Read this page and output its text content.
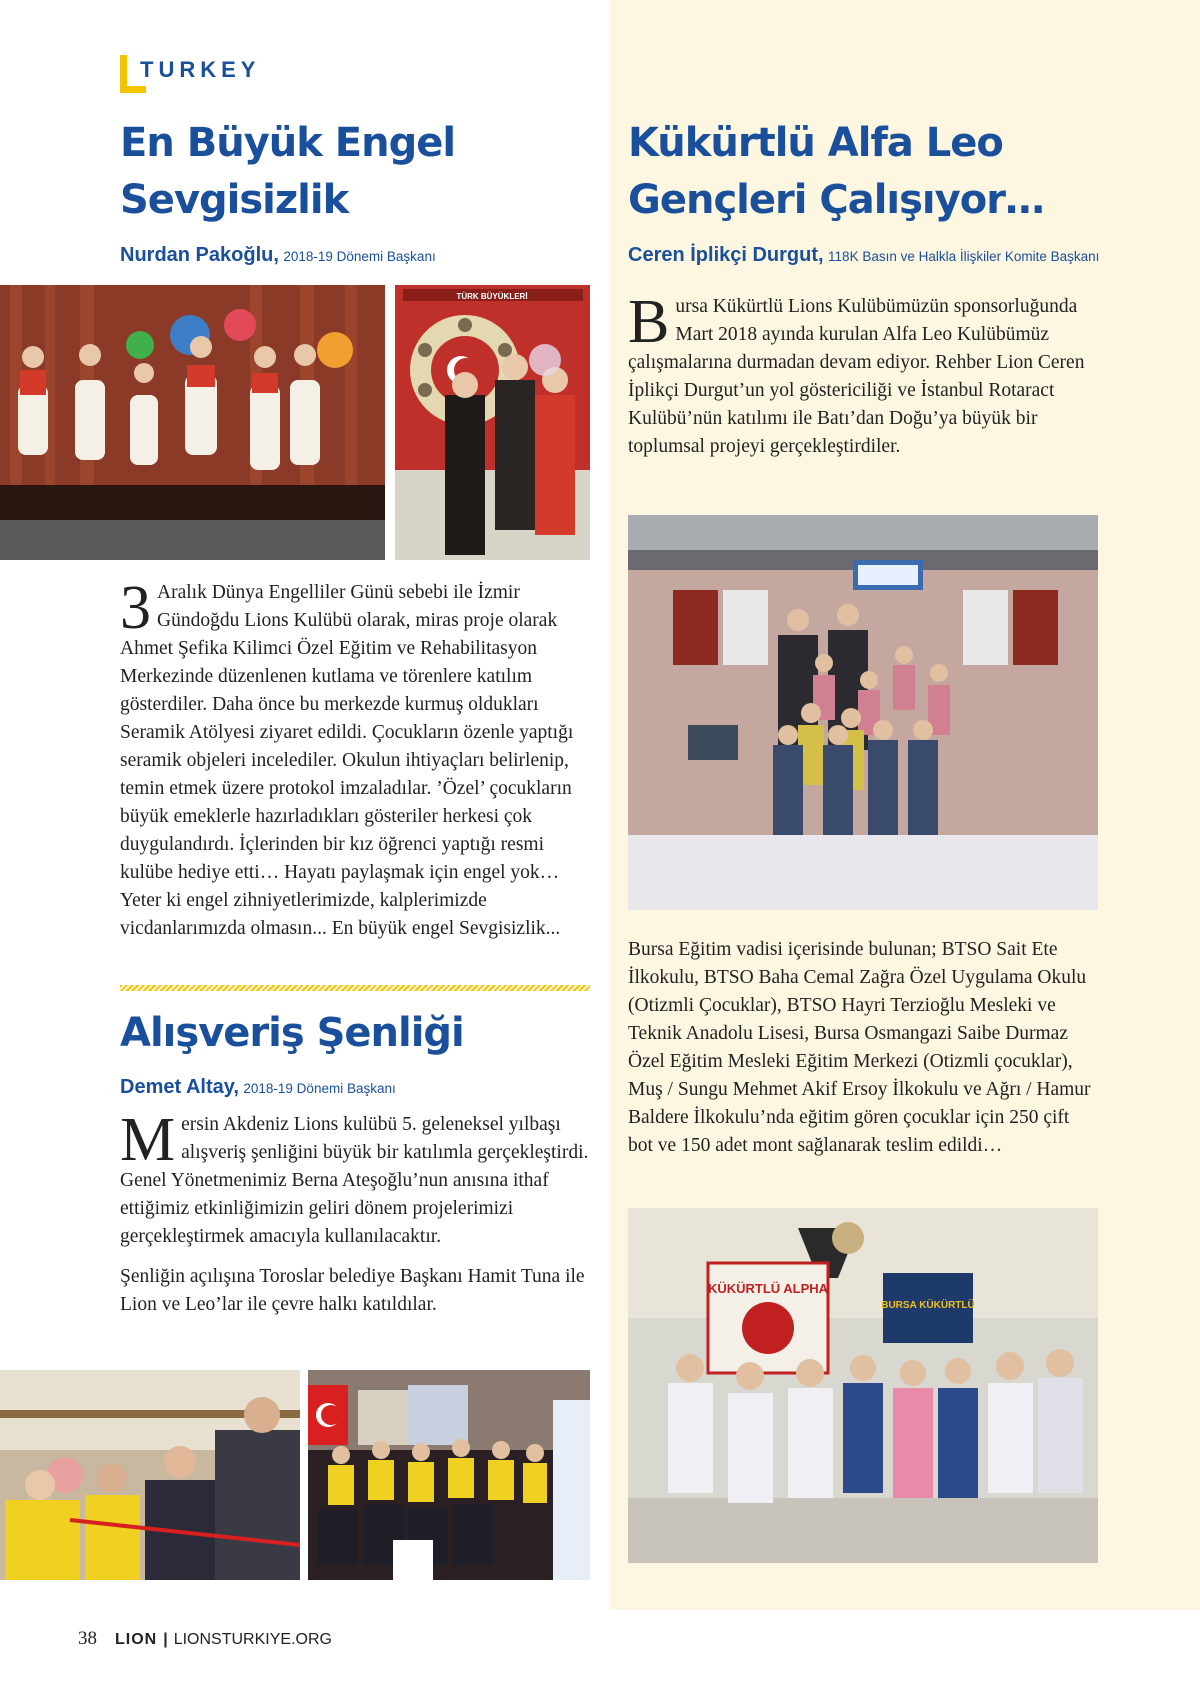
TURKEY
En Büyük Engel Sevgisizlik
Nurdan Pakoğlu, 2018-19 Dönemi Başkanı
TÜRK BÜYÜKLERİ
3 Aralık Dünya Engelliler Günü sebebi ile İzmir Gündoğdu Lions Kulübü olarak, miras proje olarak Ahmet Şefika Kilimci Özel Eğitim ve Rehabilitasyon Merkezinde düzenlenen kutlama ve törenlere katılım gösterdiler. Daha önce bu merkezde kurmuş oldukları Seramik Atölyesi ziyaret edildi. Çocukların özenle yaptığı seramik objeleri incelediler. Okulun ihtiyaçları belirlenip, temin etmek üzere protokol imzaladılar. ’Özel’ çocukların büyük emeklerle hazırladıkları gösteriler herkesi çok duygulandırdı. İçlerinden bir kız öğrenci yaptığı resmi kulübe hediye etti… Hayatı paylaşmak için engel yok… Yeter ki engel zihniyetlerimizde, kalplerimizde vicdanlarımızda olmasın... En büyük engel Sevgisizlik...
Alışveriş Şenliği
Demet Altay, 2018-19 Dönemi Başkanı

Mersin Akdeniz Lions kulübü 5. geleneksel yılbaşı alışveriş şenliğini büyük bir katılımla gerçekleştirdi. Genel Yönetmenimiz Berna Ateşoğlu’nun anısına ithaf ettiğimiz etkinliğimizin geliri dönem projelerimizi gerçekleştirmek amacıyla kullanılacaktır.

Şenliğin açılışına Toroslar belediye Başkanı Hamit Tuna ile Lion ve Leo’lar ile çevre halkı katıldılar.

Kükürtlü Alfa Leo Gençleri Çalışıyor…
Ceren İplikçi Durgut, 118K Basın ve Halkla İlişkiler Komite Başkanı
Bursa Kükürtlü Lions Kulübümüzün sponsorluğunda Mart 2018 ayında kurulan Alfa Leo Kulübümüz çalışmalarına durmadan devam ediyor. Rehber Lion Ceren İplikçi Durgut’un yol göstericiliği ve İstanbul Rotaract Kulübü’nün katılımı ile Batı’dan Doğu’ya büyük bir toplumsal projeyi gerçekleştirdiler.
Bursa Eğitim vadisi içerisinde bulunan; BTSO Sait Ete İlkokulu, BTSO Baha Cemal Zağra Özel Uygulama Okulu (Otizmli Çocuklar), BTSO Hayri Terzioğlu Mesleki ve Teknik Anadolu Lisesi, Bursa Osmangazi Saibe Durmaz Özel Eğitim Mesleki Eğitim Merkezi (Otizmli çocuklar), Muş / Sungu Mehmet Akif Ersoy İlkokulu ve Ağrı / Hamur Baldere İlkokulu’nda eğitim gören çocuklar için 250 çift bot ve 150 adet mont sağlanarak teslim edildi…
KÜKÜRTLÜ ALPHA
BURSA KÜKÜRTLÜ
38 LION | LIONSTURKIYE.ORG
